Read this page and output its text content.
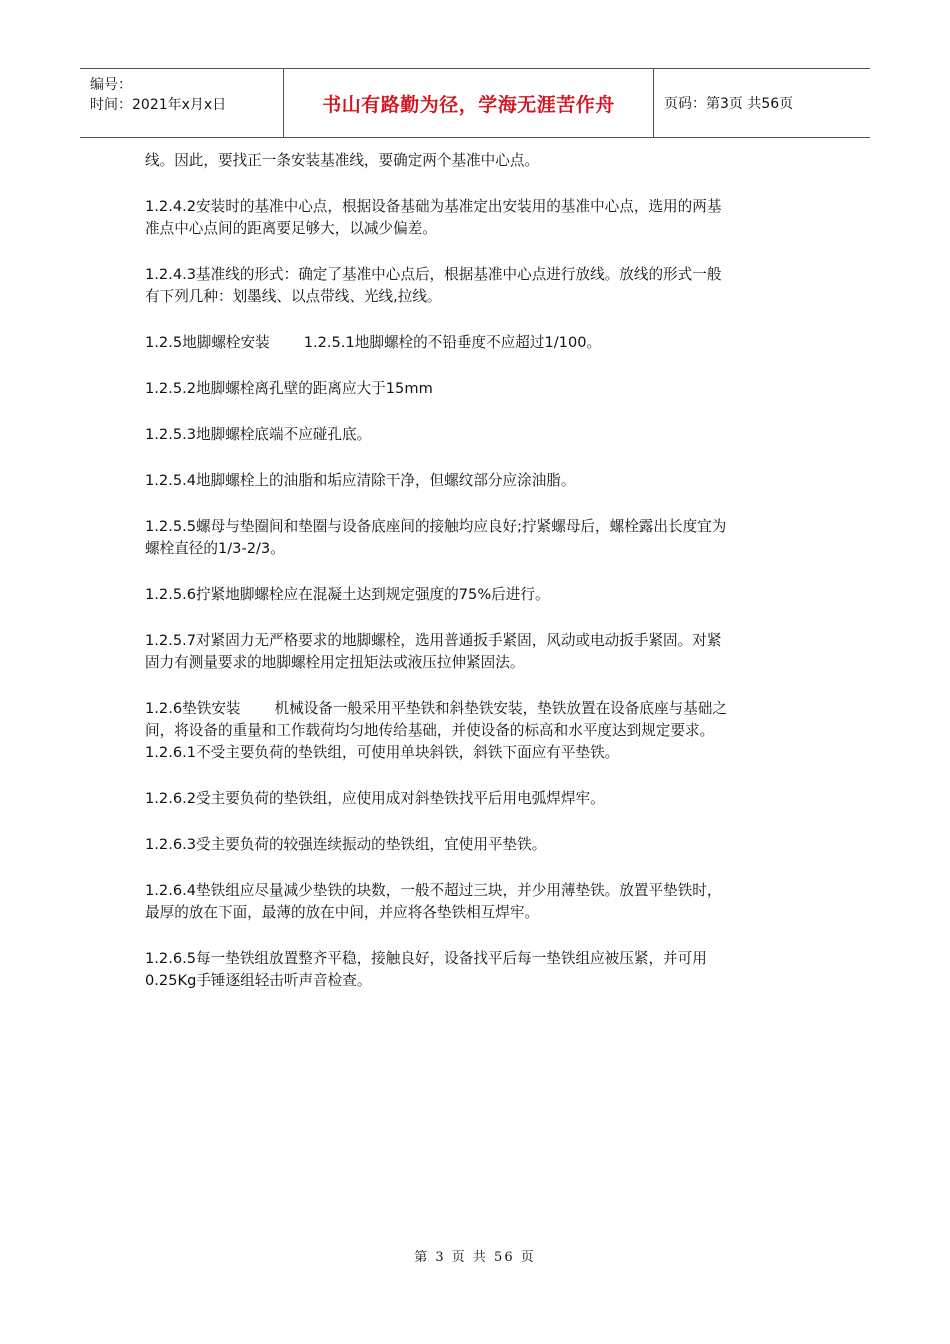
编号：
时间：2021年x月x日	书山有路勤为径，学海无涯苦作舟	页码：第3页 共56页

线。因此，要找正一条安装基准线，要确定两个基准中心点。

1.2.4.2安装时的基准中心点，根据设备基础为基准定出安装用的基准中心点，选用的两基
准点中心点间的距离要足够大，以减少偏差。

1.2.4.3基准线的形式：确定了基准中心点后，根据基准中心点进行放线。放线的形式一般
有下列几种：划墨线、以点带线、光线,拉线。

1.2.5地脚螺栓安装 1.2.5.1地脚螺栓的不铅垂度不应超过1/100。

1.2.5.2地脚螺栓离孔壁的距离应大于15mm

1.2.5.3地脚螺栓底端不应碰孔底。

1.2.5.4地脚螺栓上的油脂和垢应清除干净，但螺纹部分应涂油脂。

1.2.5.5螺母与垫圈间和垫圈与设备底座间的接触均应良好;拧紧螺母后，螺栓露出长度宜为
螺栓直径的1/3-2/3。

1.2.5.6拧紧地脚螺栓应在混凝土达到规定强度的75%后进行。

1.2.5.7对紧固力无严格要求的地脚螺栓，选用普通扳手紧固，风动或电动扳手紧固。对紧
固力有测量要求的地脚螺栓用定扭矩法或液压拉伸紧固法。

1.2.6垫铁安装 机械设备一般采用平垫铁和斜垫铁安装，垫铁放置在设备底座与基础之
间，将设备的重量和工作载荷均匀地传给基础，并使设备的标高和水平度达到规定要求。
1.2.6.1不受主要负荷的垫铁组，可使用单块斜铁，斜铁下面应有平垫铁。

1.2.6.2受主要负荷的垫铁组，应使用成对斜垫铁找平后用电弧焊焊牢。

1.2.6.3受主要负荷的较强连续振动的垫铁组，宜使用平垫铁。

1.2.6.4垫铁组应尽量减少垫铁的块数，一般不超过三块，并少用薄垫铁。放置平垫铁时，
最厚的放在下面，最薄的放在中间，并应将各垫铁相互焊牢。

1.2.6.5每一垫铁组放置整齐平稳，接触良好，设备找平后每一垫铁组应被压紧，并可用
0.25Kg手锤逐组轻击听声音检查。

第 3 页 共 56 页
